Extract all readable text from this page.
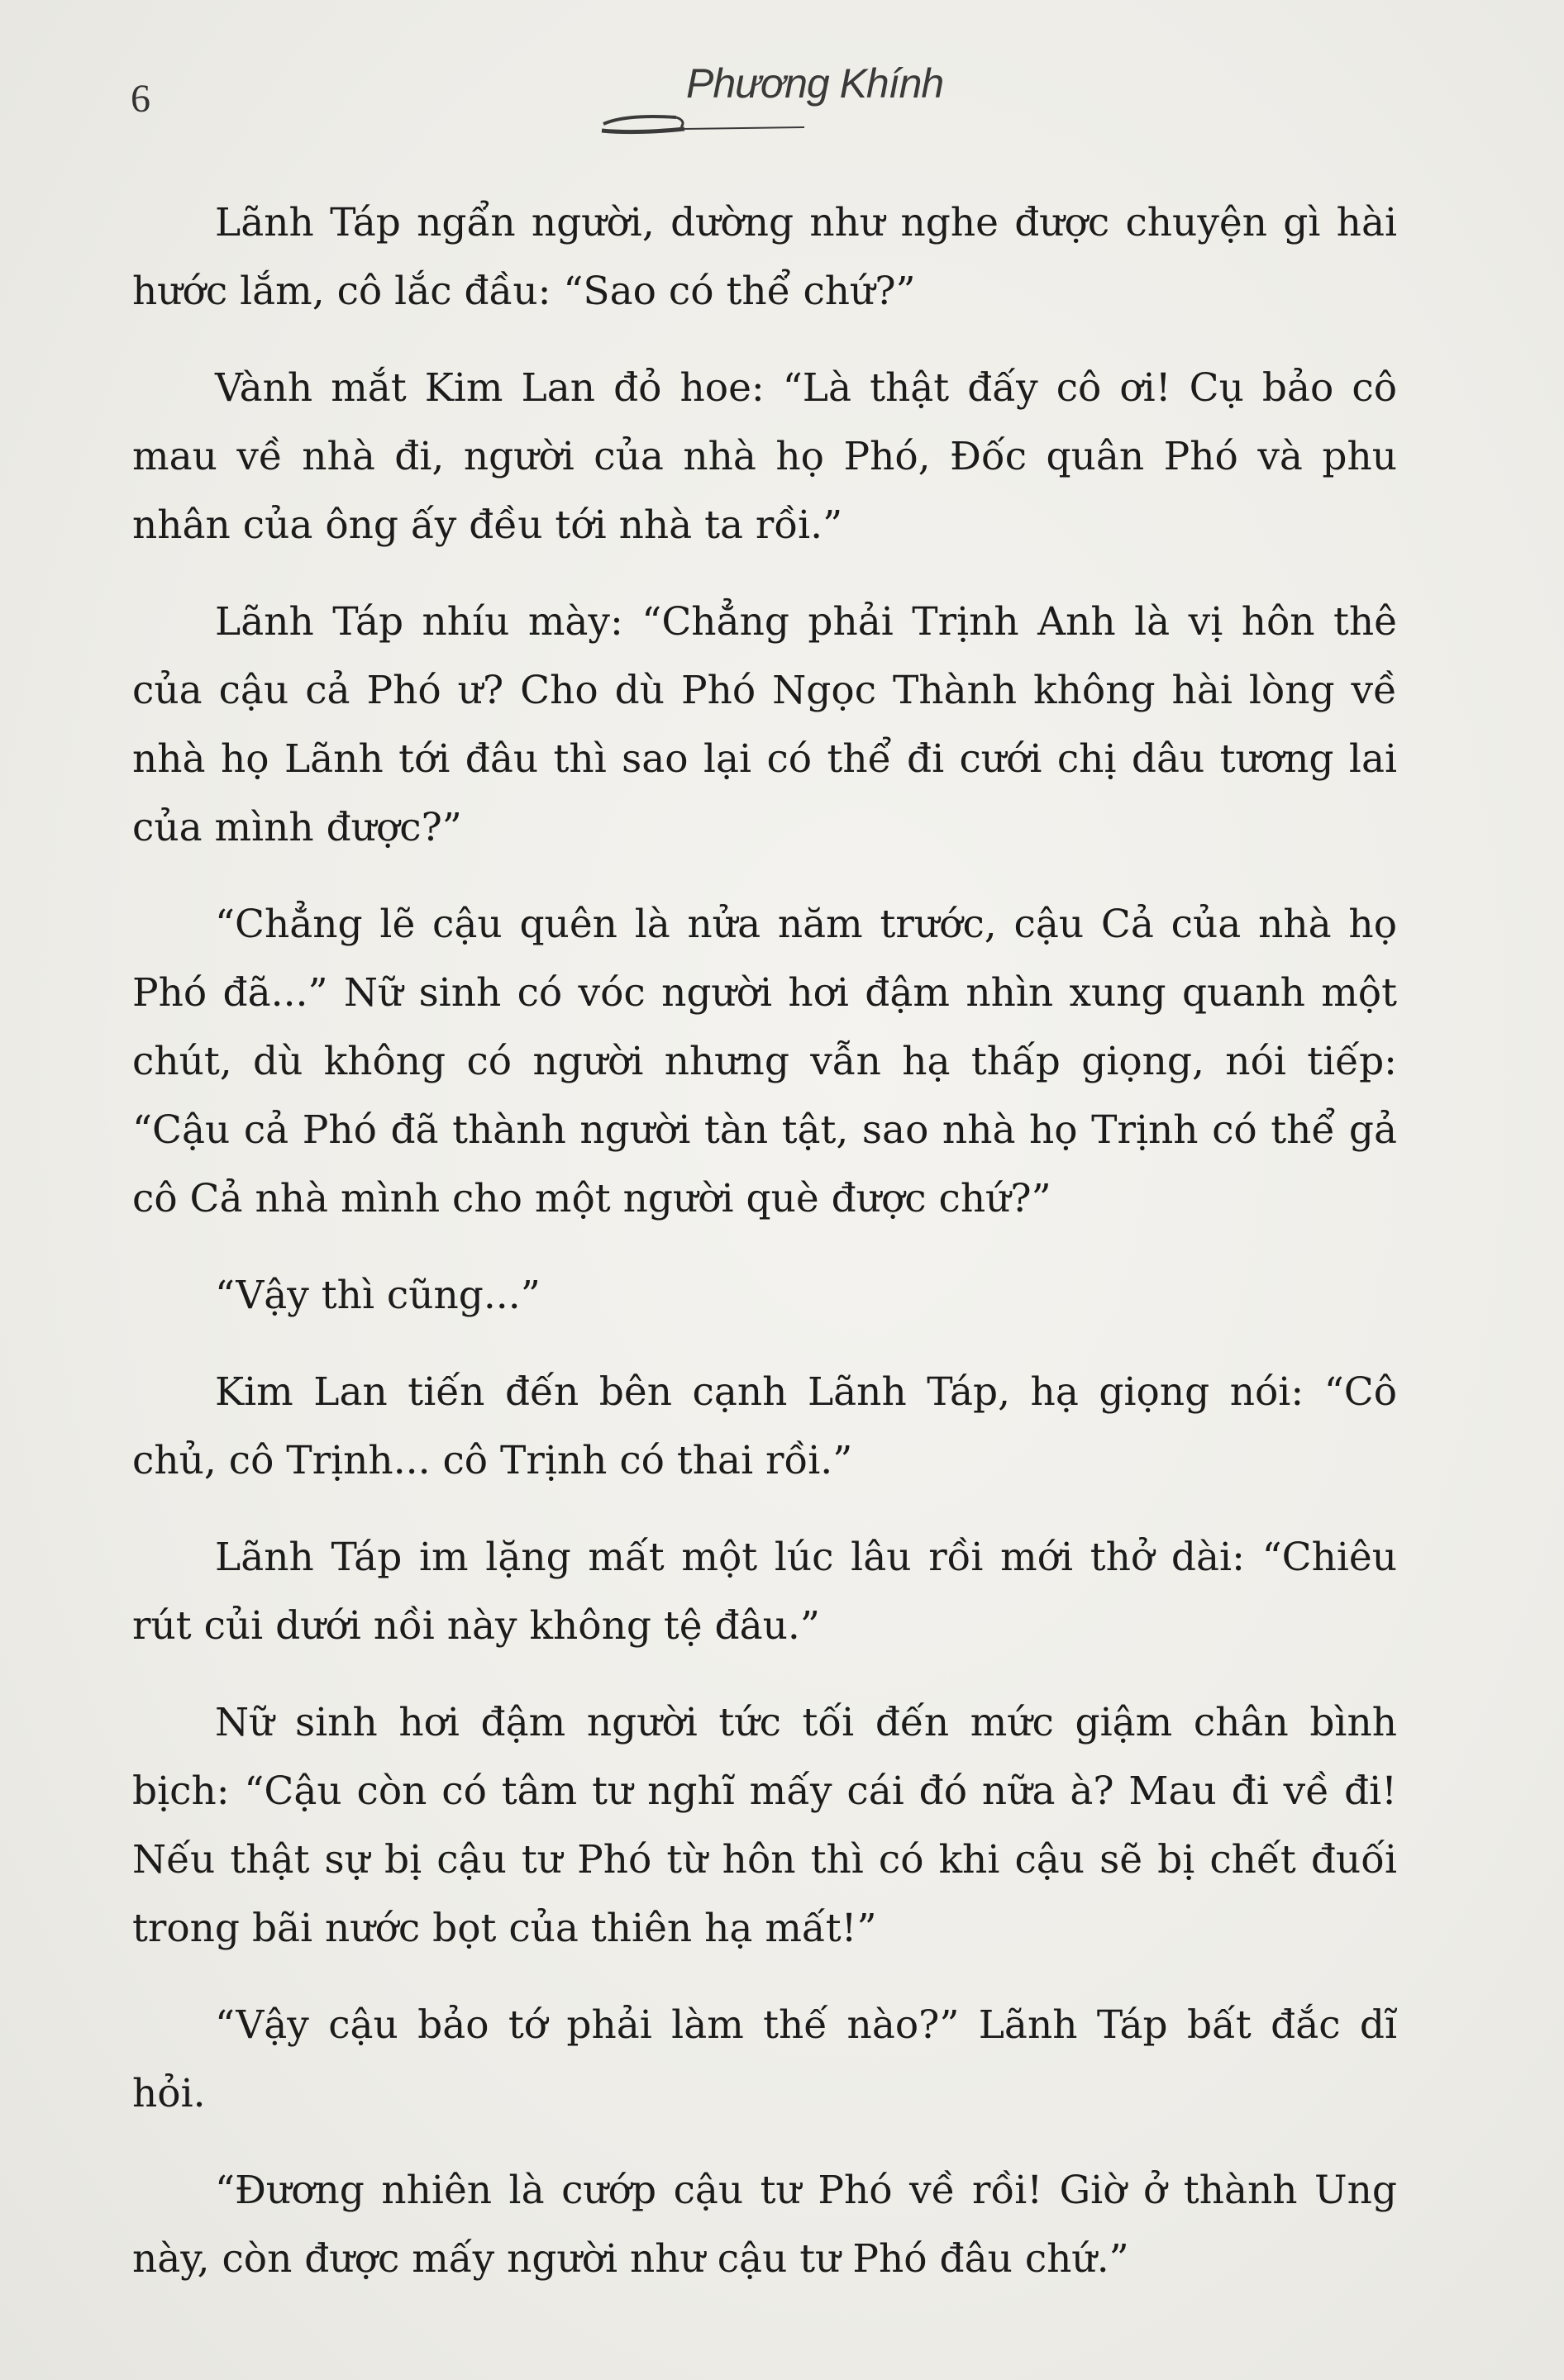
6	Phương Khính

Lãnh Táp ngẩn người, dường như nghe được chuyện gì hài hước lắm, cô lắc đầu: “Sao có thể chứ?”

Vành mắt Kim Lan đỏ hoe: “Là thật đấy cô ơi! Cụ bảo cô mau về nhà đi, người của nhà họ Phó, Đốc quân Phó và phu nhân của ông ấy đều tới nhà ta rồi.”

Lãnh Táp nhíu mày: “Chẳng phải Trịnh Anh là vị hôn thê của cậu cả Phó ư? Cho dù Phó Ngọc Thành không hài lòng về nhà họ Lãnh tới đâu thì sao lại có thể đi cưới chị dâu tương lai của mình được?”

“Chẳng lẽ cậu quên là nửa năm trước, cậu Cả của nhà họ Phó đã...” Nữ sinh có vóc người hơi đậm nhìn xung quanh một chút, dù không có người nhưng vẫn hạ thấp giọng, nói tiếp: “Cậu cả Phó đã thành người tàn tật, sao nhà họ Trịnh có thể gả cô Cả nhà mình cho một người què được chứ?”

“Vậy thì cũng...”

Kim Lan tiến đến bên cạnh Lãnh Táp, hạ giọng nói: “Cô chủ, cô Trịnh... cô Trịnh có thai rồi.”

Lãnh Táp im lặng mất một lúc lâu rồi mới thở dài: “Chiêu rút củi dưới nồi này không tệ đâu.”

Nữ sinh hơi đậm người tức tối đến mức giậm chân bình bịch: “Cậu còn có tâm tư nghĩ mấy cái đó nữa à? Mau đi về đi! Nếu thật sự bị cậu tư Phó từ hôn thì có khi cậu sẽ bị chết đuối trong bãi nước bọt của thiên hạ mất!”

“Vậy cậu bảo tớ phải làm thế nào?” Lãnh Táp bất đắc dĩ hỏi.

“Đương nhiên là cướp cậu tư Phó về rồi! Giờ ở thành Ung này, còn được mấy người như cậu tư Phó đâu chứ.”
